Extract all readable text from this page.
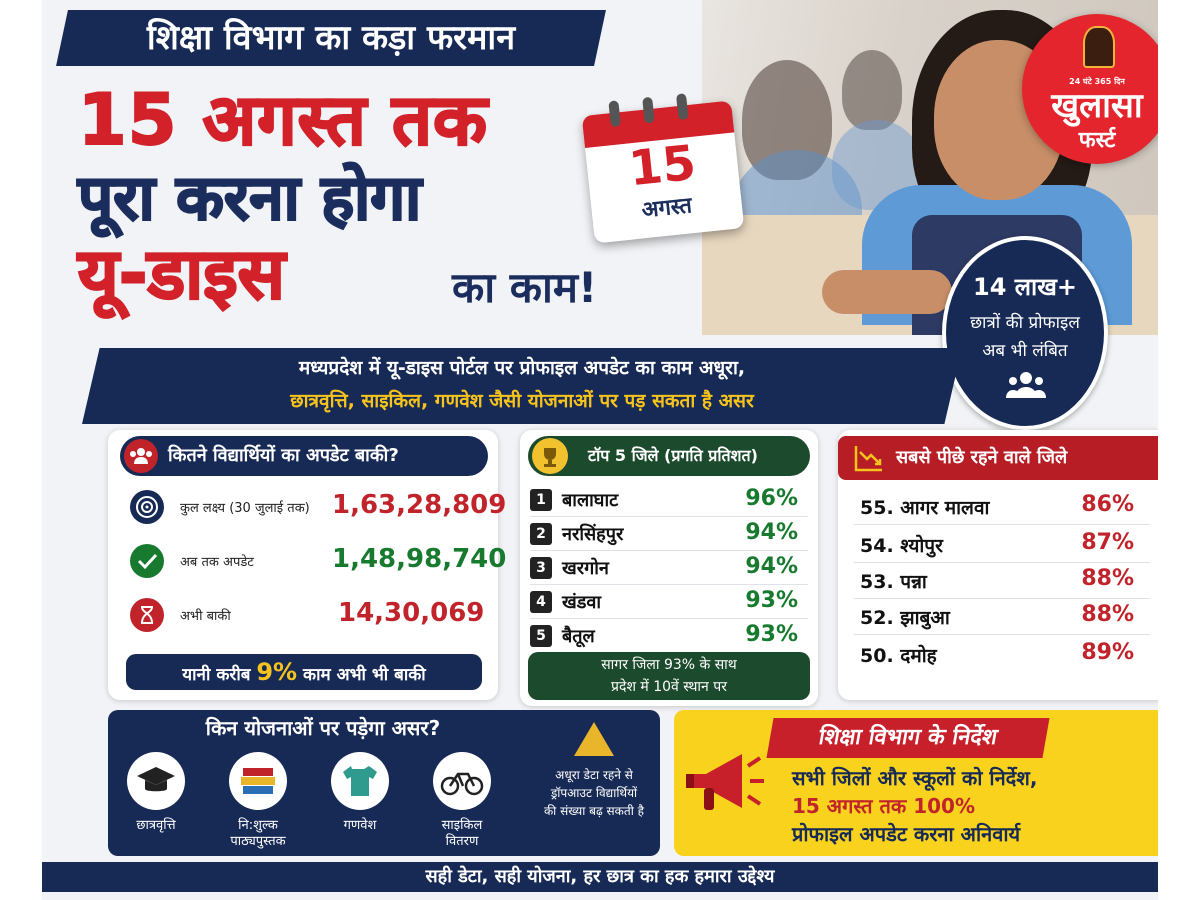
शिक्षा विभाग का कड़ा फरमान
15 अगस्त तक
पूरा करना होगा
यू-डाइस	का काम!
15
अगस्त
24 घंटे 365 दिन
खुलासा
फर्स्ट
14 लाख+
छात्रों की प्रोफाइल
अब भी लंबित
मध्यप्रदेश में यू-डाइस पोर्टल पर प्रोफाइल अपडेट का काम अधूरा,
छात्रवृत्ति, साइकिल, गणवेश जैसी योजनाओं पर पड़ सकता है असर
कितने विद्यार्थियों का अपडेट बाकी?
कुल लक्ष्य (30 जुलाई तक) 1,63,28,809
अब तक अपडेट	1,48,98,740
अभी बाकी	14,30,069
यानी करीब 9% काम अभी भी बाकी
टॉप 5 जिले (प्रगति प्रतिशत)
1 बालाघाट	96%
2 नरसिंहपुर	94%
3 खरगोन	94%
4 खंडवा	93%
5 बैतूल	93%
सागर जिला 93% के साथ
प्रदेश में 10वें स्थान पर
सबसे पीछे रहने वाले जिले
55. आगर मालवा	86%
54. श्योपुर	87%
53. पन्ना	88%
52. झाबुआ	88%
50. दमोह	89%
किन योजनाओं पर पड़ेगा असर?
छात्रवृत्ति	नि:शुल्क
पाठ्यपुस्तक
गणवेश	साइकिल
वितरण
अधूरा डेटा रहने से
ड्रॉपआउट विद्यार्थियों
की संख्या बढ़ सकती है
शिक्षा विभाग के निर्देश
सभी जिलों और स्कूलों को निर्देश,
15 अगस्त तक 100%
प्रोफाइल अपडेट करना अनिवार्य
सही डेटा, सही योजना, हर छात्र का हक हमारा उद्देश्य
